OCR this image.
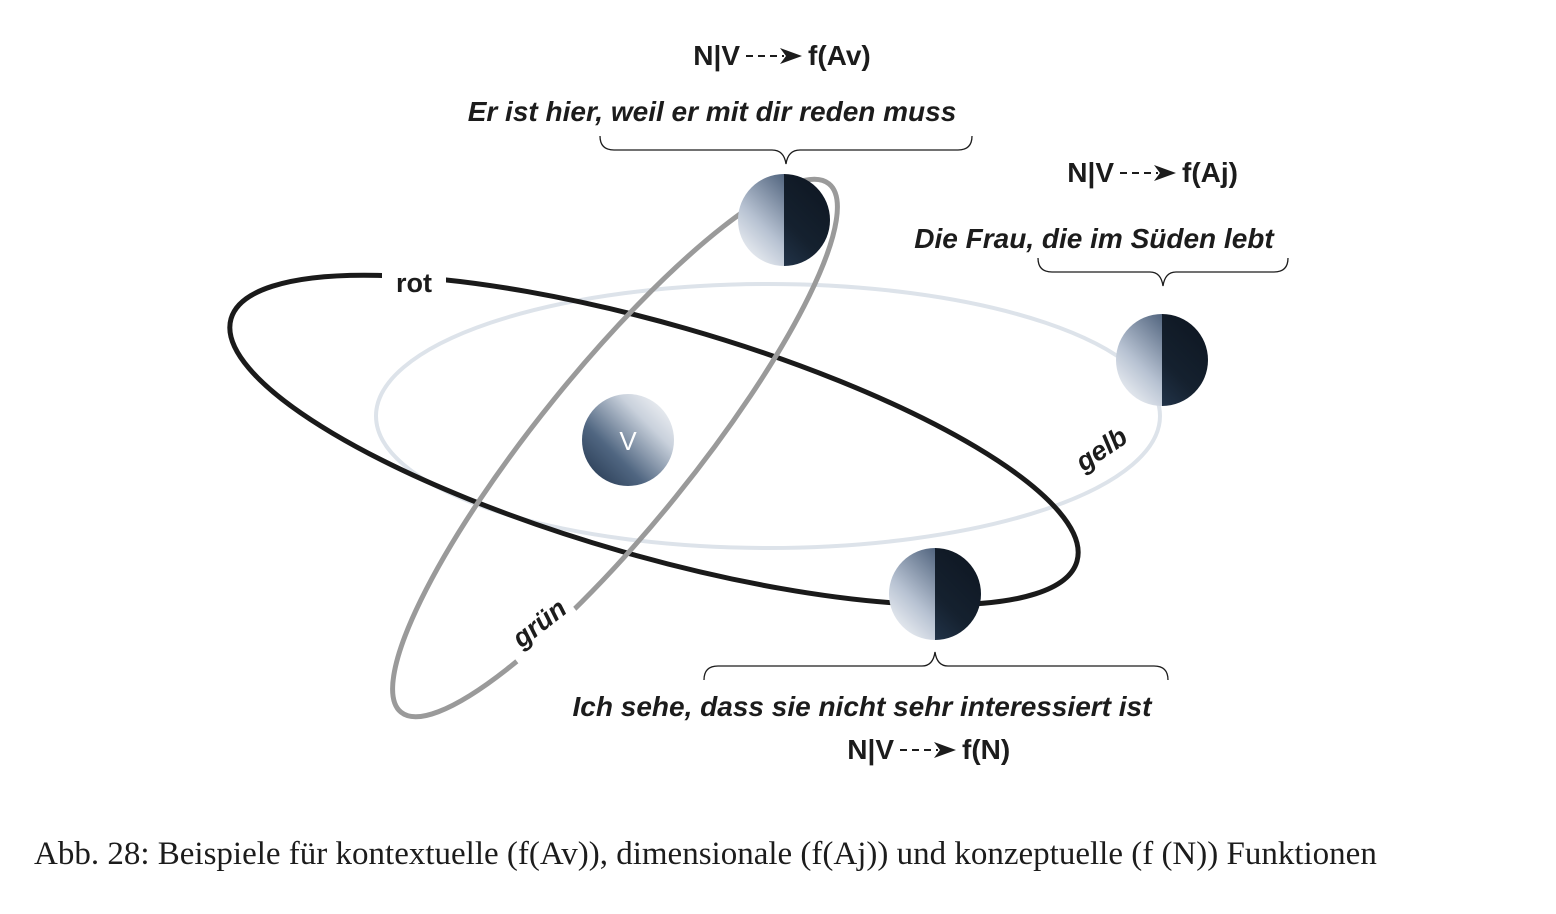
rot
gelb
grün
V
N|V f(Av)
Er ist hier, weil er mit dir reden muss
N|V f(Aj)
Die Frau, die im Süden lebt
Ich sehe, dass sie nicht sehr interessiert ist
N|V f(N)
Abb. 28: Beispiele für kontextuelle (f(Av)), dimensionale (f(Aj)) und konzeptuelle (f (N)) Funktionen
